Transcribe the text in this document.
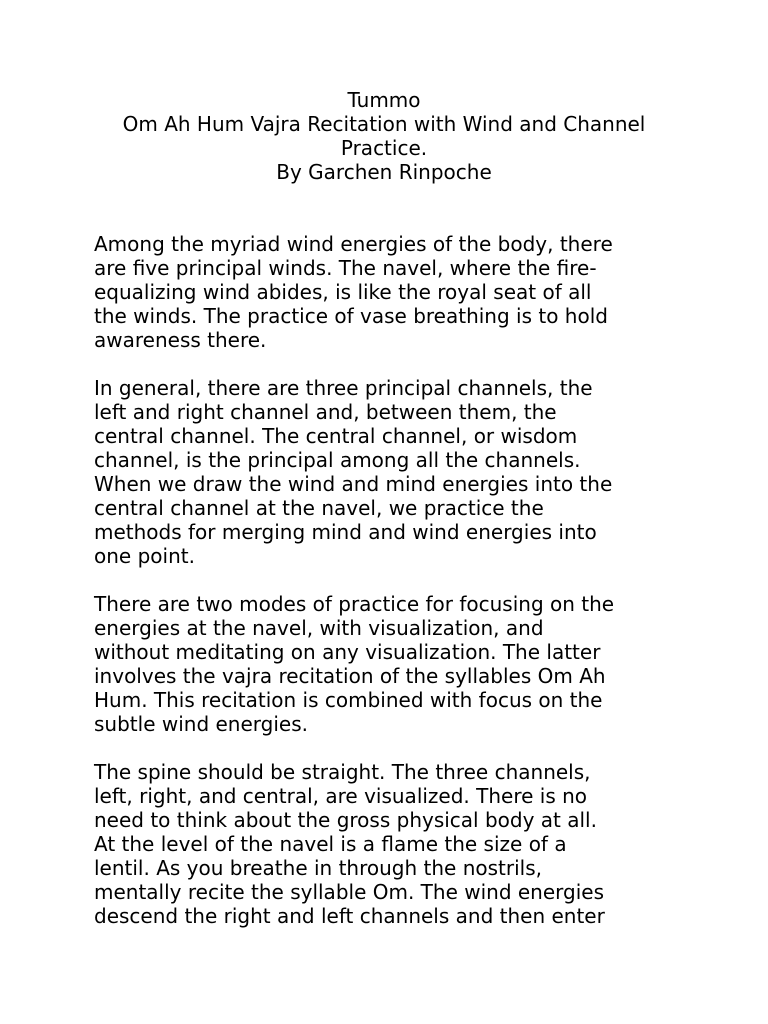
Tummo
Om Ah Hum Vajra Recitation with Wind and Channel
Practice.
By Garchen Rinpoche

Among the myriad wind energies of the body, there
are five principal winds. The navel, where the fire-
equalizing wind abides, is like the royal seat of all
the winds. The practice of vase breathing is to hold
awareness there.

In general, there are three principal channels, the
left and right channel and, between them, the
central channel. The central channel, or wisdom
channel, is the principal among all the channels.
When we draw the wind and mind energies into the
central channel at the navel, we practice the
methods for merging mind and wind energies into
one point.

There are two modes of practice for focusing on the
energies at the navel, with visualization, and
without meditating on any visualization. The latter
involves the vajra recitation of the syllables Om Ah
Hum. This recitation is combined with focus on the
subtle wind energies.

The spine should be straight. The three channels,
left, right, and central, are visualized. There is no
need to think about the gross physical body at all.
At the level of the navel is a flame the size of a
lentil. As you breathe in through the nostrils,
mentally recite the syllable Om. The wind energies
descend the right and left channels and then enter
